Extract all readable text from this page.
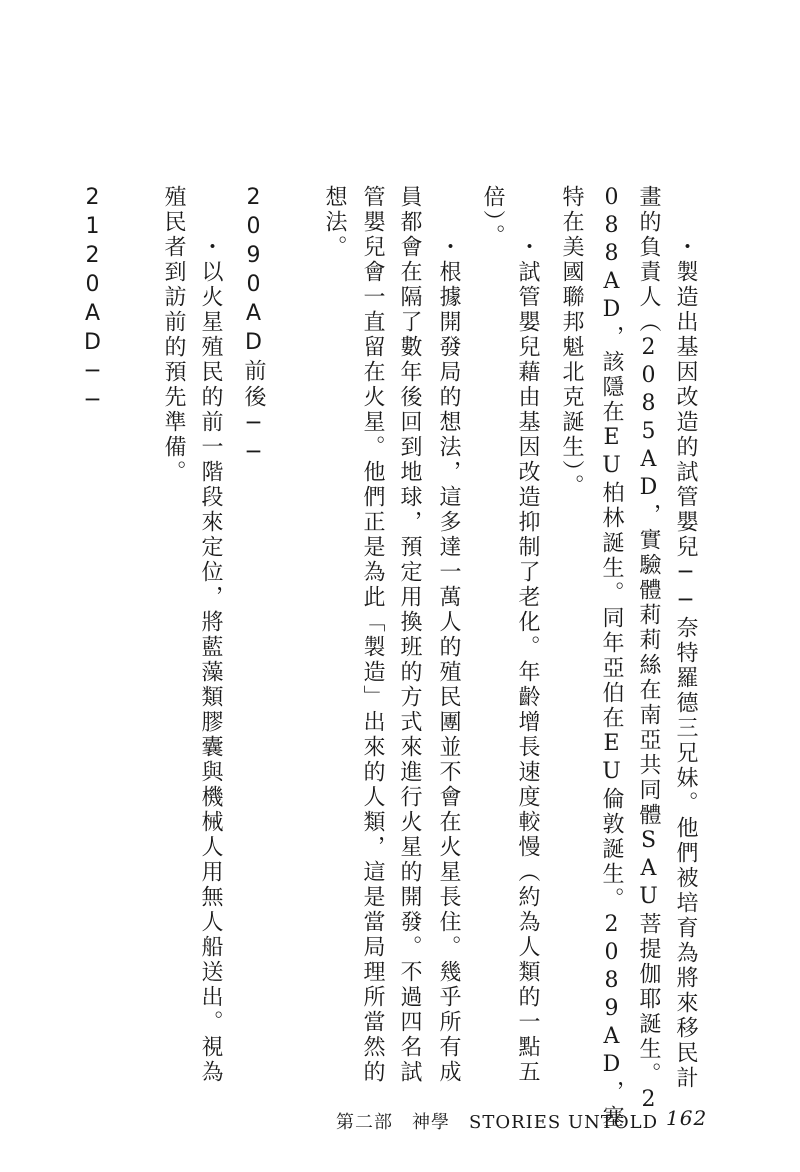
・製造出基因改造的試管嬰兒──奈特羅德三兄妹。他們被培育為將來移民計

畫的負責人（2085AD，實驗體莉莉絲在南亞共同體SAU菩提伽耶誕生。2

088AD，該隱在EU柏林誕生。同年亞伯在EU倫敦誕生。2089AD，塞

特在美國聯邦魁北克誕生）。

・試管嬰兒藉由基因改造抑制了老化。年齡增長速度較慢（約為人類的一點五

倍）。

・根據開發局的想法，這多達一萬人的殖民團並不會在火星長住。幾乎所有成

員都會在隔了數年後回到地球，預定用換班的方式來進行火星的開發。不過四名試

管嬰兒會一直留在火星。他們正是為此「製造」出來的人類，這是當局理所當然的

想法。

2090AD前後──

・以火星殖民的前一階段來定位，將藍藻類膠囊與機械人用無人船送出。視為

殖民者到訪前的預先準備。

2120AD──

第二部　神學　STORIES UNTOLD 162
